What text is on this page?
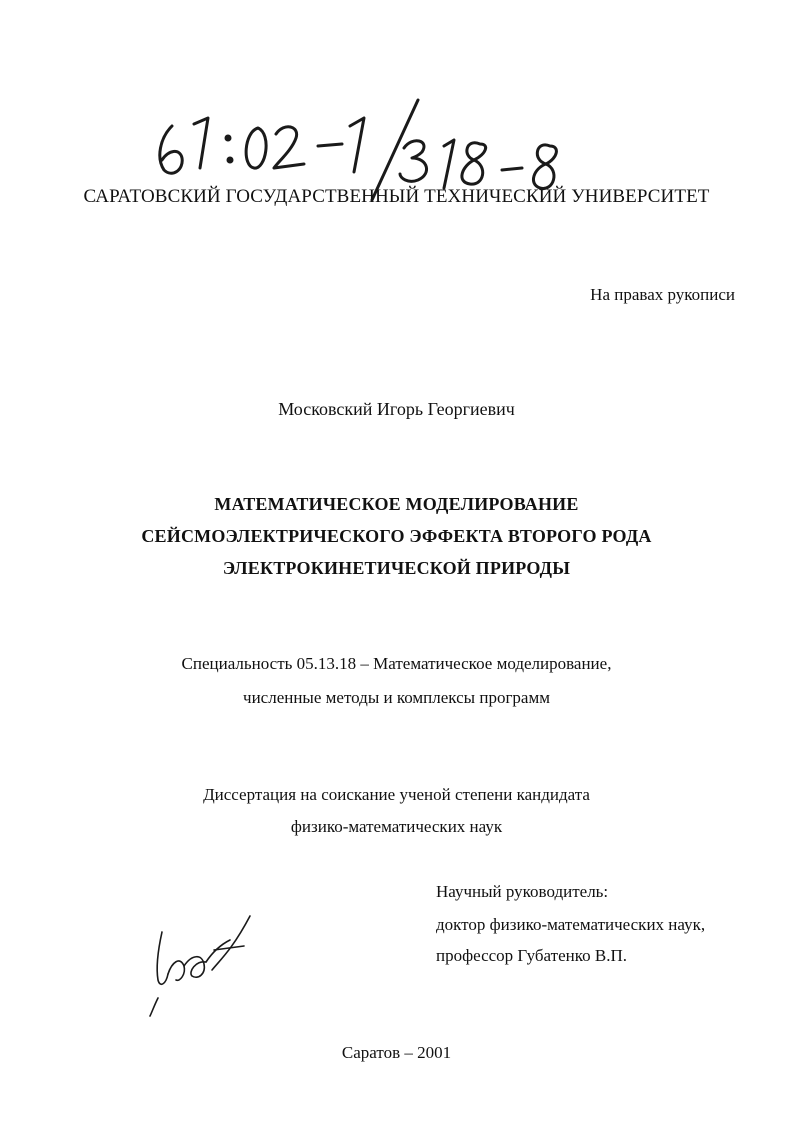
САРАТОВСКИЙ ГОСУДАРСТВЕННЫЙ ТЕХНИЧЕСКИЙ УНИВЕРСИТЕТ
На правах рукописи
Московский Игорь Георгиевич
МАТЕМАТИЧЕСКОЕ МОДЕЛИРОВАНИЕ
СЕЙСМОЭЛЕКТРИЧЕСКОГО ЭФФЕКТА ВТОРОГО РОДА
ЭЛЕКТРОКИНЕТИЧЕСКОЙ ПРИРОДЫ
Специальность 05.13.18 – Математическое моделирование,
численные методы и комплексы программ
Диссертация на соискание ученой степени кандидата
физико-математических наук
Научный руководитель:
доктор физико-математических наук,
профессор Губатенко В.П.
Саратов – 2001
